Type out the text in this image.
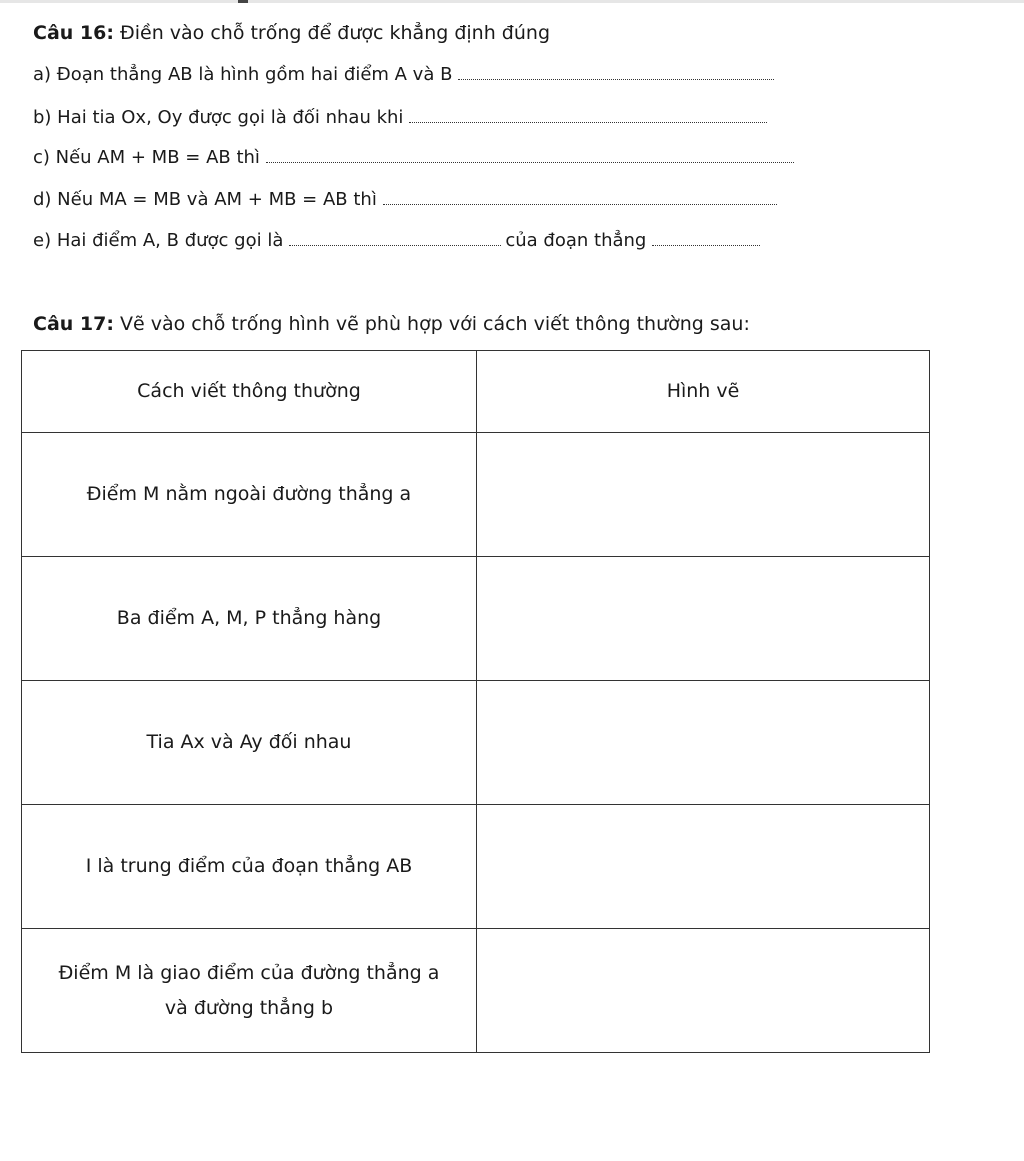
Câu 16: Điền vào chỗ trống để được khẳng định đúng
a) Đoạn thẳng AB là hình gồm hai điểm A và B
b) Hai tia Ox, Oy được gọi là đối nhau khi
c) Nếu AM + MB = AB thì
d) Nếu MA = MB và AM + MB = AB thì
e) Hai điểm A, B được gọi là	của đoạn thẳng
Câu 17: Vẽ vào chỗ trống hình vẽ phù hợp với cách viết thông thường sau:
Cách viết thông thường	Hình vẽ

Điểm M nằm ngoài đường thẳng a	

Ba điểm A, M, P thẳng hàng	

Tia Ax và Ay đối nhau	

I là trung điểm của đoạn thẳng AB	

Điểm M là giao điểm của đường thẳng a
và đường thẳng b	
